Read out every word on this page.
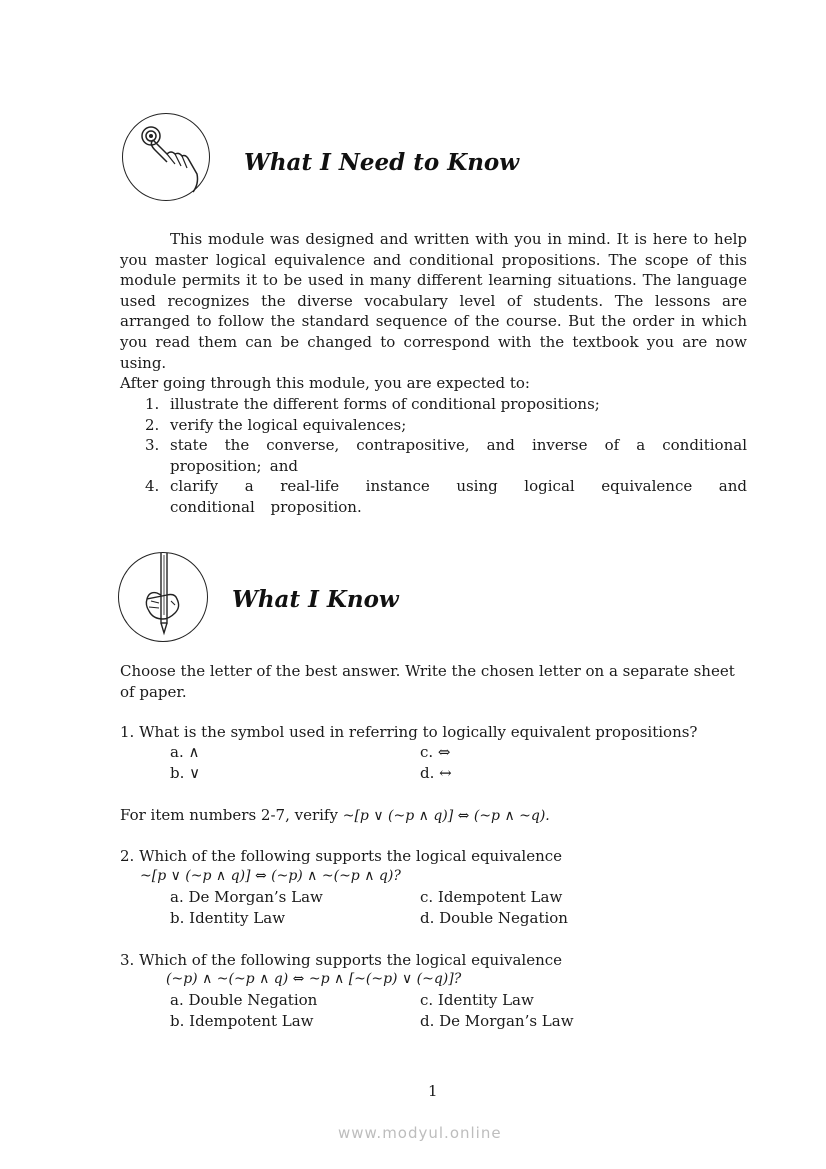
What I Need to Know
This module was designed and written with you in mind. It is here to help you master logical equivalence and conditional propositions. The scope of this module permits it to be used in many different learning situations. The language used recognizes the diverse vocabulary level of students. The lessons are arranged to follow the standard sequence of the course. But the order in which you read them can be changed to correspond with the textbook you are now using.
After going through this module, you are expected to:
1. illustrate the different forms of conditional propositions;
2. verify the logical equivalences;
3. state the converse, contrapositive, and inverse of a conditional proposition; and
4. clarify a real-life instance using logical equivalence and conditional proposition.
What I Know
Choose the letter of the best answer. Write the chosen letter on a separate sheet of paper.
1. What is the symbol used in referring to logically equivalent propositions?
a. ∧	c. ⇔
b. ∨	d. ↔
For item numbers 2-7, verify ~[p ∨ (~p ∧ q)] ⇔ (~p ∧ ~q).
2. Which of the following supports the logical equivalence
~[p ∨ (~p ∧ q)] ⇔ (~p) ∧ ~(~p ∧ q)?
a. De Morgan’s Law	c. Idempotent Law
b. Identity Law	d. Double Negation
3. Which of the following supports the logical equivalence
(~p) ∧ ~(~p ∧ q) ⇔ ~p ∧ [~(~p) ∨ (~q)]?
a. Double Negation	c. Identity Law
b. Idempotent Law	d. De Morgan’s Law
1
www.modyul.online
